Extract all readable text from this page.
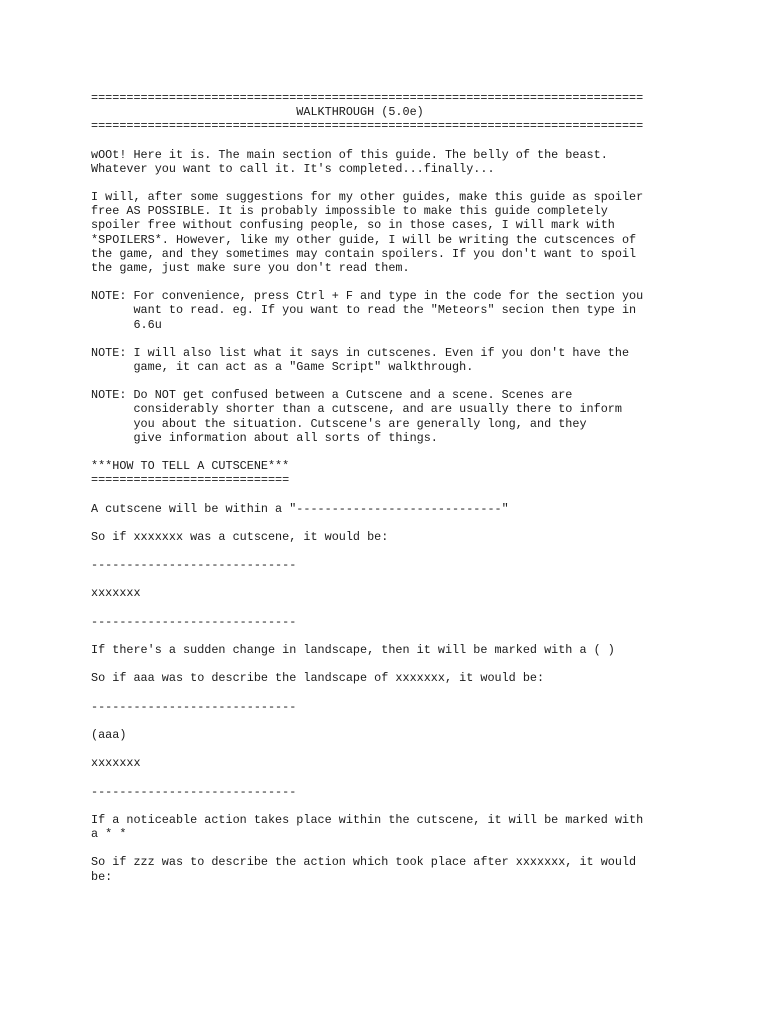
==============================================================================
WALKTHROUGH (5.0e)
==============================================================================

wOOt! Here it is. The main section of this guide. The belly of the beast.
Whatever you want to call it. It's completed...finally...

I will, after some suggestions for my other guides, make this guide as spoiler
free AS POSSIBLE. It is probably impossible to make this guide completely
spoiler free without confusing people, so in those cases, I will mark with
*SPOILERS*. However, like my other guide, I will be writing the cutscences of
the game, and they sometimes may contain spoilers. If you don't want to spoil
the game, just make sure you don't read them.

NOTE: For convenience, press Ctrl + F and type in the code for the section you
want to read. eg. If you want to read the "Meteors" secion then type in
6.6u

NOTE: I will also list what it says in cutscenes. Even if you don't have the
game, it can act as a "Game Script" walkthrough.

NOTE: Do NOT get confused between a Cutscene and a scene. Scenes are
considerably shorter than a cutscene, and are usually there to inform
you about the situation. Cutscene's are generally long, and they
give information about all sorts of things.

***HOW TO TELL A CUTSCENE***
============================

A cutscene will be within a "-----------------------------"

So if xxxxxxx was a cutscene, it would be:

-----------------------------

xxxxxxx

-----------------------------

If there's a sudden change in landscape, then it will be marked with a ( )

So if aaa was to describe the landscape of xxxxxxx, it would be:

-----------------------------

(aaa)

xxxxxxx

-----------------------------

If a noticeable action takes place within the cutscene, it will be marked with
a * *

So if zzz was to describe the action which took place after xxxxxxx, it would
be:
